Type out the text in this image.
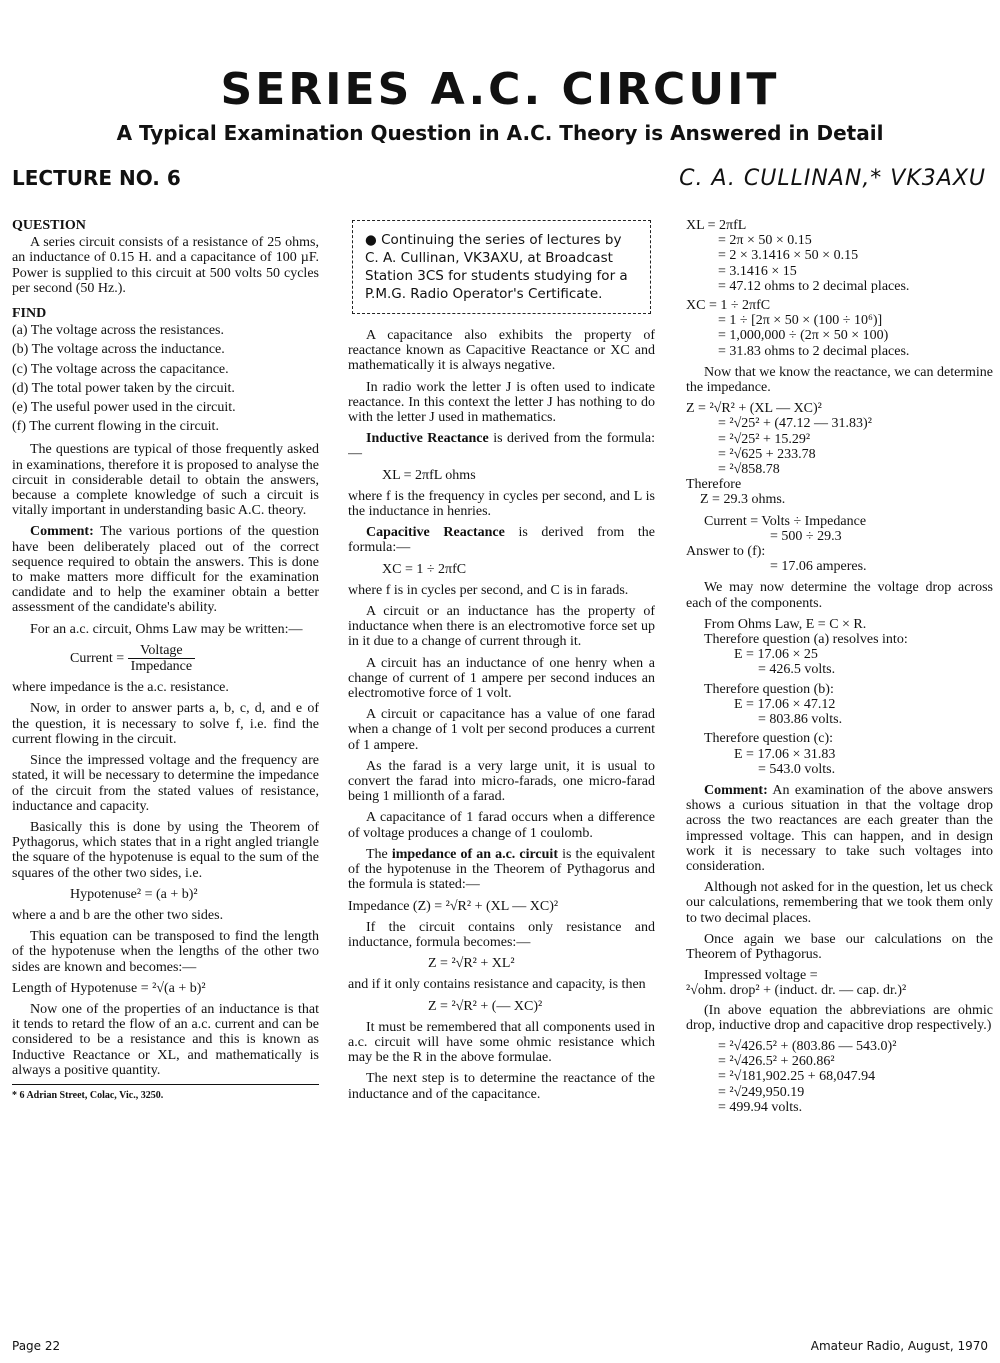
SERIES A.C. CIRCUIT
A Typical Examination Question in A.C. Theory is Answered in Detail
LECTURE NO. 6	C. A. CULLINAN,* VK3AXU
QUESTION

A series circuit consists of a resistance of 25 ohms, an inductance of 0.15 H. and a capacitance of 100 µF. Power is supplied to this circuit at 500 volts 50 cycles per second (50 Hz.).

FIND
(a) The voltage across the resistances.
(b) The voltage across the inductance.
(c) The voltage across the capacitance.
(d) The total power taken by the circuit.
(e) The useful power used in the circuit.
(f) The current flowing in the circuit.

The questions are typical of those frequently asked in examinations, therefore it is proposed to analyse the circuit in considerable detail to obtain the answers, because a complete knowledge of such a circuit is vitally important in understanding basic A.C. theory.

Comment: The various portions of the question have been deliberately placed out of the correct sequence required to obtain the answers. This is done to make matters more difficult for the examination candidate and to help the examiner obtain a better assessment of the candidate's ability.

For an a.c. circuit, Ohms Law may be written:—

Current = $\frac{\text{Voltage}}{\text{Impedance}}$

where impedance is the a.c. resistance.

Now, in order to answer parts a, b, c, d, and e of the question, it is necessary to solve f, i.e. find the current flowing in the circuit.

Since the impressed voltage and the frequency are stated, it will be necessary to determine the impedance of the circuit from the stated values of resistance, inductance and capacity.

Basically this is done by using the Theorem of Pythagorus, which states that in a right angled triangle the square of the hypotenuse is equal to the sum of the squares of the other two sides, i.e.

Hypotenuse² = (a + b)²

where a and b are the other two sides.

This equation can be transposed to find the length of the hypotenuse when the lengths of the other two sides are known and becomes:—

Length of Hypotenuse = ²√(a + b)²

Now one of the properties of an inductance is that it tends to retard the flow of an a.c. current and can be considered to be a resistance and this is known as Inductive Reactance or XL, and mathematically is always a positive quantity.

* 6 Adrian Street, Colac, Vic., 3250.
● Continuing the series of lectures by C. A. Cullinan, VK3AXU, at Broadcast Station 3CS for students studying for a P.M.G. Radio Operator's Certificate.

A capacitance also exhibits the property of reactance known as Capacitive Reactance or XC and mathematically it is always negative.

In radio work the letter J is often used to indicate reactance. In this context the letter J has nothing to do with the letter J used in mathematics.

Inductive Reactance is derived from the formula:—

XL = 2πfL ohms

where f is the frequency in cycles per second, and L is the inductance in henries.

Capacitive Reactance is derived from the formula:—

XC = 1 ÷ 2πfC

where f is in cycles per second, and C is in farads.

A circuit or an inductance has the property of inductance when there is an electromotive force set up in it due to a change of current through it.

A circuit has an inductance of one henry when a change of current of 1 ampere per second induces an electromotive force of 1 volt.

A circuit or capacitance has a value of one farad when a change of 1 volt per second produces a current of 1 ampere.

As the farad is a very large unit, it is usual to convert the farad into micro-farads, one micro-farad being 1 millionth of a farad.

A capacitance of 1 farad occurs when a difference of voltage produces a change of 1 coulomb.

The impedance of an a.c. circuit is the equivalent of the hypotenuse in the Theorem of Pythagorus and the formula is stated:—

Impedance (Z) = ²√R² + (XL — XC)²

If the circuit contains only resistance and inductance, formula becomes:—

Z = ²√R² + XL²

and if it only contains resistance and capacity, is then

Z = ²√R² + (— XC)²

It must be remembered that all components used in a.c. circuit will have some ohmic resistance which may be the R in the above formulae.

The next step is to determine the reactance of the inductance and of the capacitance.

XL = 2πfL
= 2π × 50 × 0.15
= 2 × 3.1416 × 50 × 0.15
= 3.1416 × 15
= 47.12 ohms to 2 decimal places.
XC = 1 ÷ 2πfC
= 1 ÷ [2π × 50 × (100 ÷ 10⁶)]
= 1,000,000 ÷ (2π × 50 × 100)
= 31.83 ohms to 2 decimal places.

Now that we know the reactance, we can determine the impedance.

Z = ²√R² + (XL — XC)²
= ²√25² + (47.12 — 31.83)²
= ²√25² + 15.29²
= ²√625 + 233.78
= ²√858.78
Therefore
Z = 29.3 ohms.
Current = Volts ÷ Impedance
= 500 ÷ 29.3
Answer to (f):
= 17.06 amperes.

We may now determine the voltage drop across each of the components.

From Ohms Law, E = C × R.
Therefore question (a) resolves into:
E = 17.06 × 25
= 426.5 volts.
Therefore question (b):
E = 17.06 × 47.12
= 803.86 volts.
Therefore question (c):
E = 17.06 × 31.83
= 543.0 volts.

Comment: An examination of the above answers shows a curious situation in that the voltage drop across the two reactances are each greater than the impressed voltage. This can happen, and in design work it is necessary to take such voltages into consideration.

Although not asked for in the question, let us check our calculations, remembering that we took them only to two decimal places.

Once again we base our calculations on the Theorem of Pythagorus.

Impressed voltage =
²√ohm. drop² + (induct. dr. — cap. dr.)²

(In above equation the abbreviations are ohmic drop, inductive drop and capacitive drop respectively.)

= ²√426.5² + (803.86 — 543.0)²
= ²√426.5² + 260.86²
= ²√181,902.25 + 68,047.94
= ²√249,950.19
= 499.94 volts.
Page 22	Amateur Radio, August, 1970
